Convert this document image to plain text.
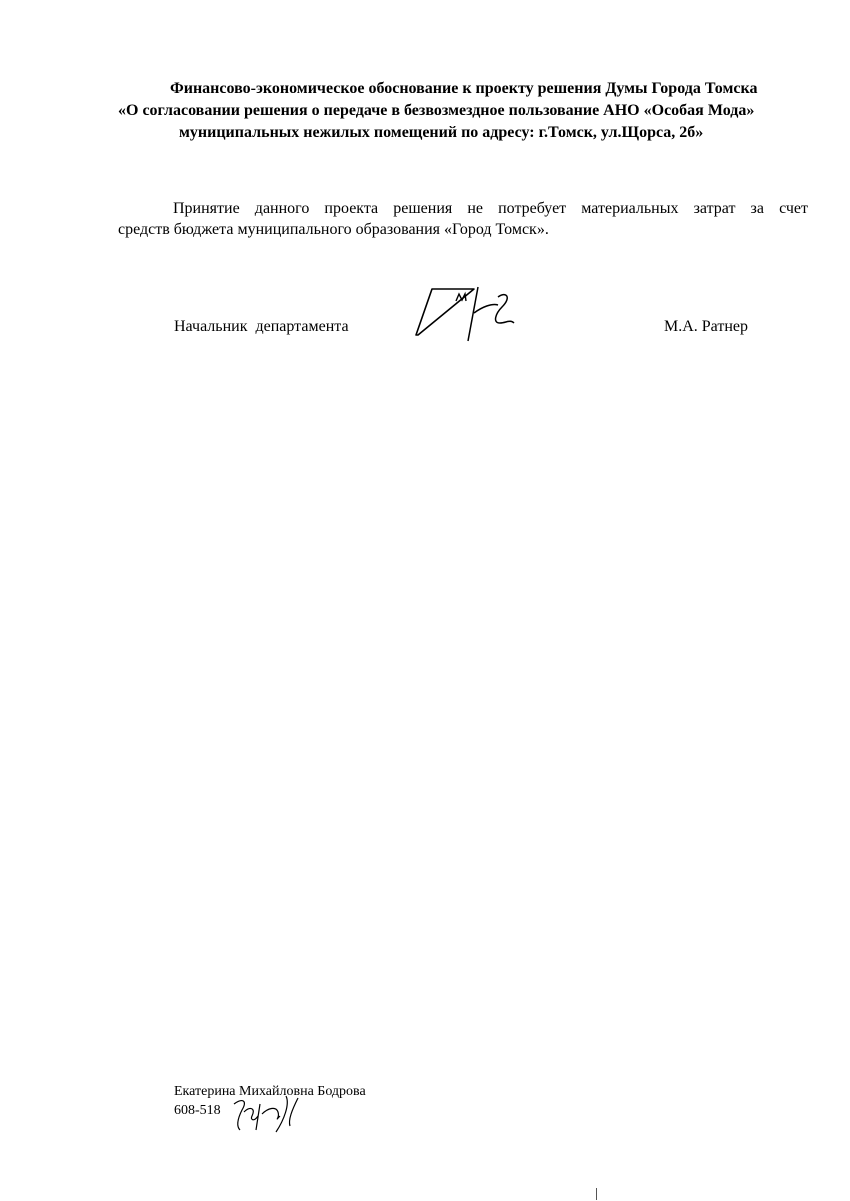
Финансово-экономическое обоснование к проекту решения Думы Города Томска
«О согласовании решения о передаче в безвозмездное пользование АНО «Особая Мода»
муниципальных нежилых помещений по адресу: г.Томск, ул.Щорса, 2б»
Принятие данного проекта решения не потребует материальных затрат за счет
средств бюджета муниципального образования «Город Томск».
Начальник  департамента	М.А. Ратнер
Екатерина Михайловна Бодрова
608-518
